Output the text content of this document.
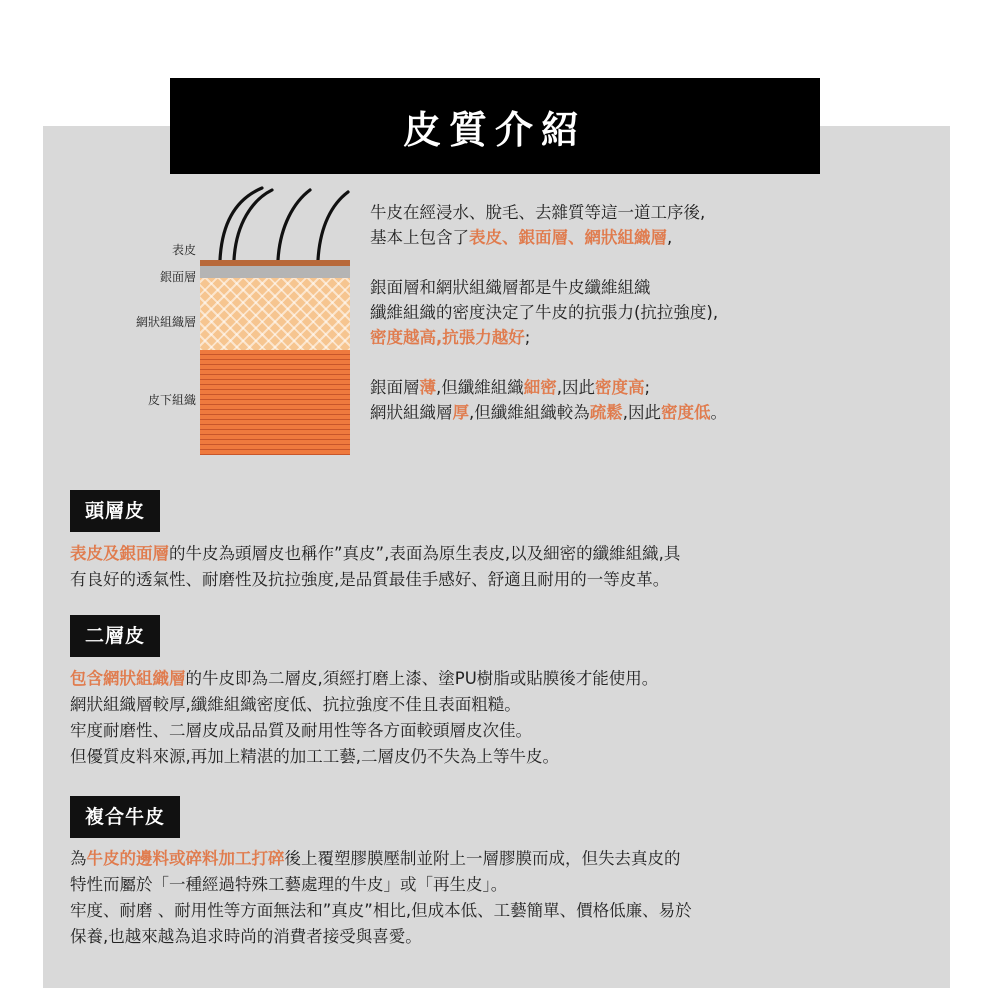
皮質介紹
表皮
銀面層
網狀組織層
皮下組織

牛皮在經浸水、脫毛、去雜質等這一道工序後,

基本上包含了表皮、銀面層、網狀組織層,

銀面層和網狀組織層都是牛皮纖維組織

纖維組織的密度決定了牛皮的抗張力(抗拉強度),

密度越高,抗張力越好;

銀面層薄,但纖維組織細密,因此密度高;

網狀組織層厚,但纖維組織較為疏鬆,因此密度低。

頭層皮

表皮及銀面層的牛皮為頭層皮也稱作”真皮”,表面為原生表皮,以及細密的纖維組織,具

有良好的透氣性、耐磨性及抗拉強度,是品質最佳手感好、舒適且耐用的一等皮革。

二層皮

包含網狀組織層的牛皮即為二層皮,須經打磨上漆、塗PU樹脂或貼膜後才能使用。

網狀組織層較厚,纖維組織密度低、抗拉強度不佳且表面粗糙。

牢度耐磨性、二層皮成品品質及耐用性等各方面較頭層皮次佳。

但優質皮料來源,再加上精湛的加工工藝,二層皮仍不失為上等牛皮。

複合牛皮

為牛皮的邊料或碎料加工打碎後上覆塑膠膜壓制並附上一層膠膜而成，但失去真皮的

特性而屬於「一種經過特殊工藝處理的牛皮」或「再生皮」。

牢度、耐磨 、耐用性等方面無法和”真皮”相比,但成本低、工藝簡單、價格低廉、易於

保養,也越來越為追求時尚的消費者接受與喜愛。
